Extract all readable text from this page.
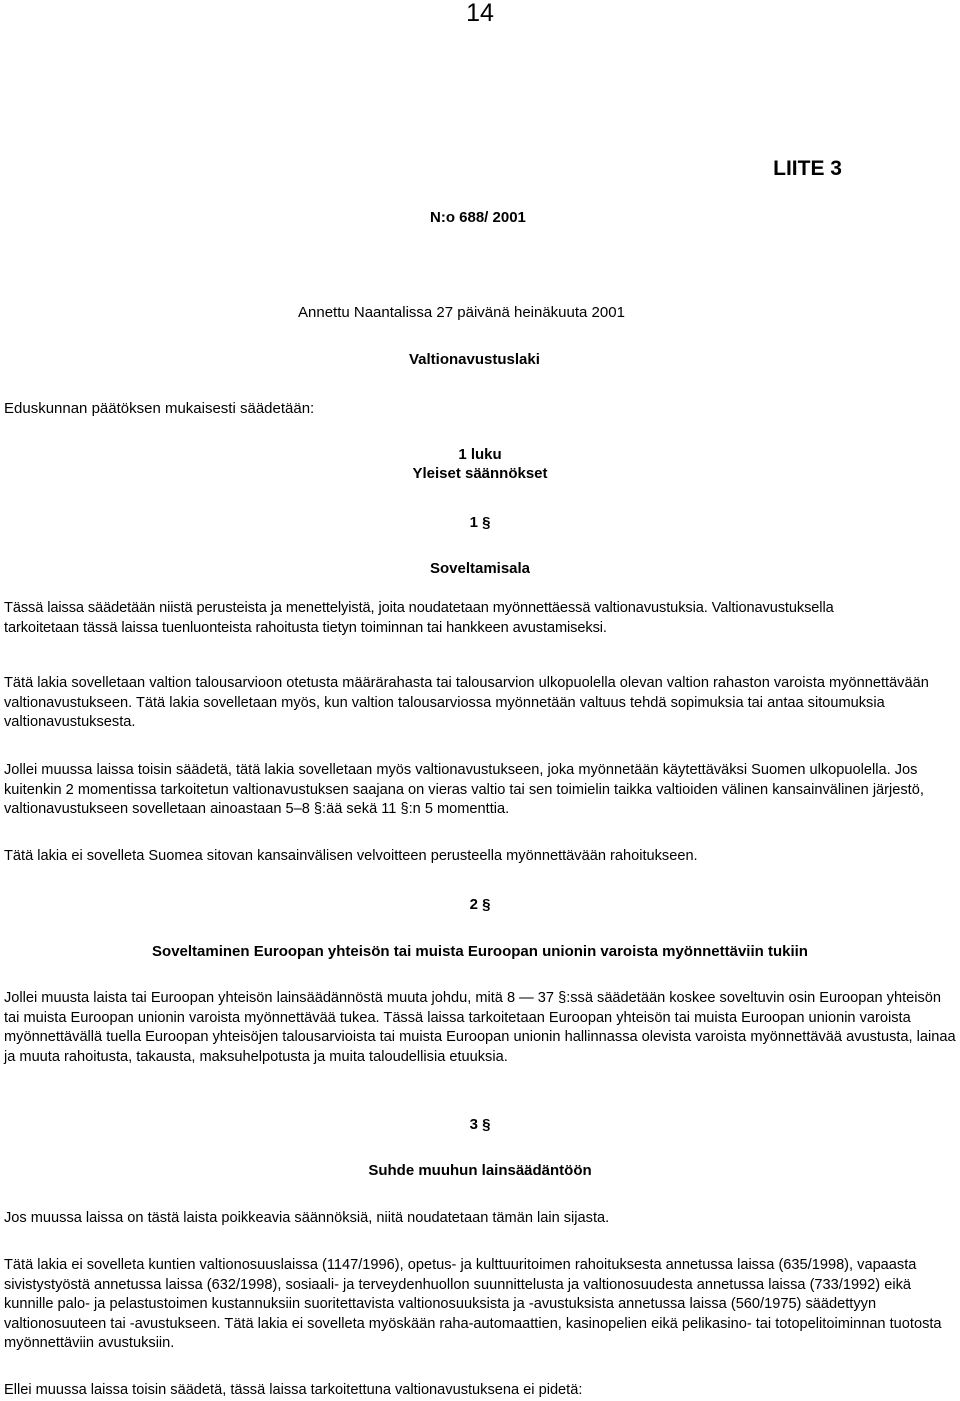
14
LIITE 3
N:o 688/ 2001
Annettu Naantalissa 27 päivänä heinäkuuta 2001
Valtionavustuslaki
Eduskunnan päätöksen mukaisesti säädetään:
1 luku
Yleiset säännökset
1 §
Soveltamisala

Tässä laissa säädetään niistä perusteista ja menettelyistä, joita noudatetaan myönnettäessä valtionavustuksia. Valtionavustuksella tarkoitetaan tässä laissa tuenluonteista rahoitusta tietyn toiminnan tai hankkeen avustamiseksi.

Tätä lakia sovelletaan valtion talousarvioon otetusta määrärahasta tai talousarvion ulkopuolella olevan valtion rahaston varoista myönnettävään valtionavustukseen. Tätä lakia sovelletaan myös, kun valtion talousarviossa myönnetään valtuus tehdä sopimuksia tai antaa sitoumuksia valtionavustuksesta.

Jollei muussa laissa toisin säädetä, tätä lakia sovelletaan myös valtionavustukseen, joka myönnetään käytettäväksi Suomen ulkopuolella. Jos kuitenkin 2 momentissa tarkoitetun valtionavustuksen saajana on vieras valtio tai sen toimielin taikka valtioiden välinen kansainvälinen järjestö, valtionavustukseen sovelletaan ainoastaan 5–8 §:ää sekä 11 §:n 5 momenttia.

Tätä lakia ei sovelleta Suomea sitovan kansainvälisen velvoitteen perusteella myönnettävään rahoitukseen.

2 §
Soveltaminen Euroopan yhteisön tai muista Euroopan unionin varoista myönnettäviin tukiin

Jollei muusta laista tai Euroopan yhteisön lainsäädännöstä muuta johdu, mitä 8 — 37 §:ssä säädetään koskee soveltuvin osin Euroopan yhteisön tai muista Euroopan unionin varoista myönnettävää tukea. Tässä laissa tarkoitetaan Euroopan yhteisön tai muista Euroopan unionin varoista myönnettävällä tuella Euroopan yhteisöjen talousarvioista tai muista Euroopan unionin hallinnassa olevista varoista myönnettävää avustusta, lainaa ja muuta rahoitusta, takausta, maksuhelpotusta ja muita taloudellisia etuuksia.

3 §
Suhde muuhun lainsäädäntöön

Jos muussa laissa on tästä laista poikkeavia säännöksiä, niitä noudatetaan tämän lain sijasta.

Tätä lakia ei sovelleta kuntien valtionosuuslaissa (1147/1996), opetus- ja kulttuuritoimen rahoituksesta annetussa laissa (635/1998), vapaasta sivistystyöstä annetussa laissa (632/1998), sosiaali- ja terveydenhuollon suunnittelusta ja valtionosuudesta annetussa laissa (733/1992) eikä kunnille palo- ja pelastustoimen kustannuksiin suoritettavista valtionosuuksista ja -avustuksista annetussa laissa (560/1975) säädettyyn valtionosuuteen tai -avustukseen. Tätä lakia ei sovelleta myöskään raha-automaattien, kasinopelien eikä pelikasino- tai totopelitoiminnan tuotosta myönnettäviin avustuksiin.

Ellei muussa laissa toisin säädetä, tässä laissa tarkoitettuna valtionavustuksena ei pidetä:
